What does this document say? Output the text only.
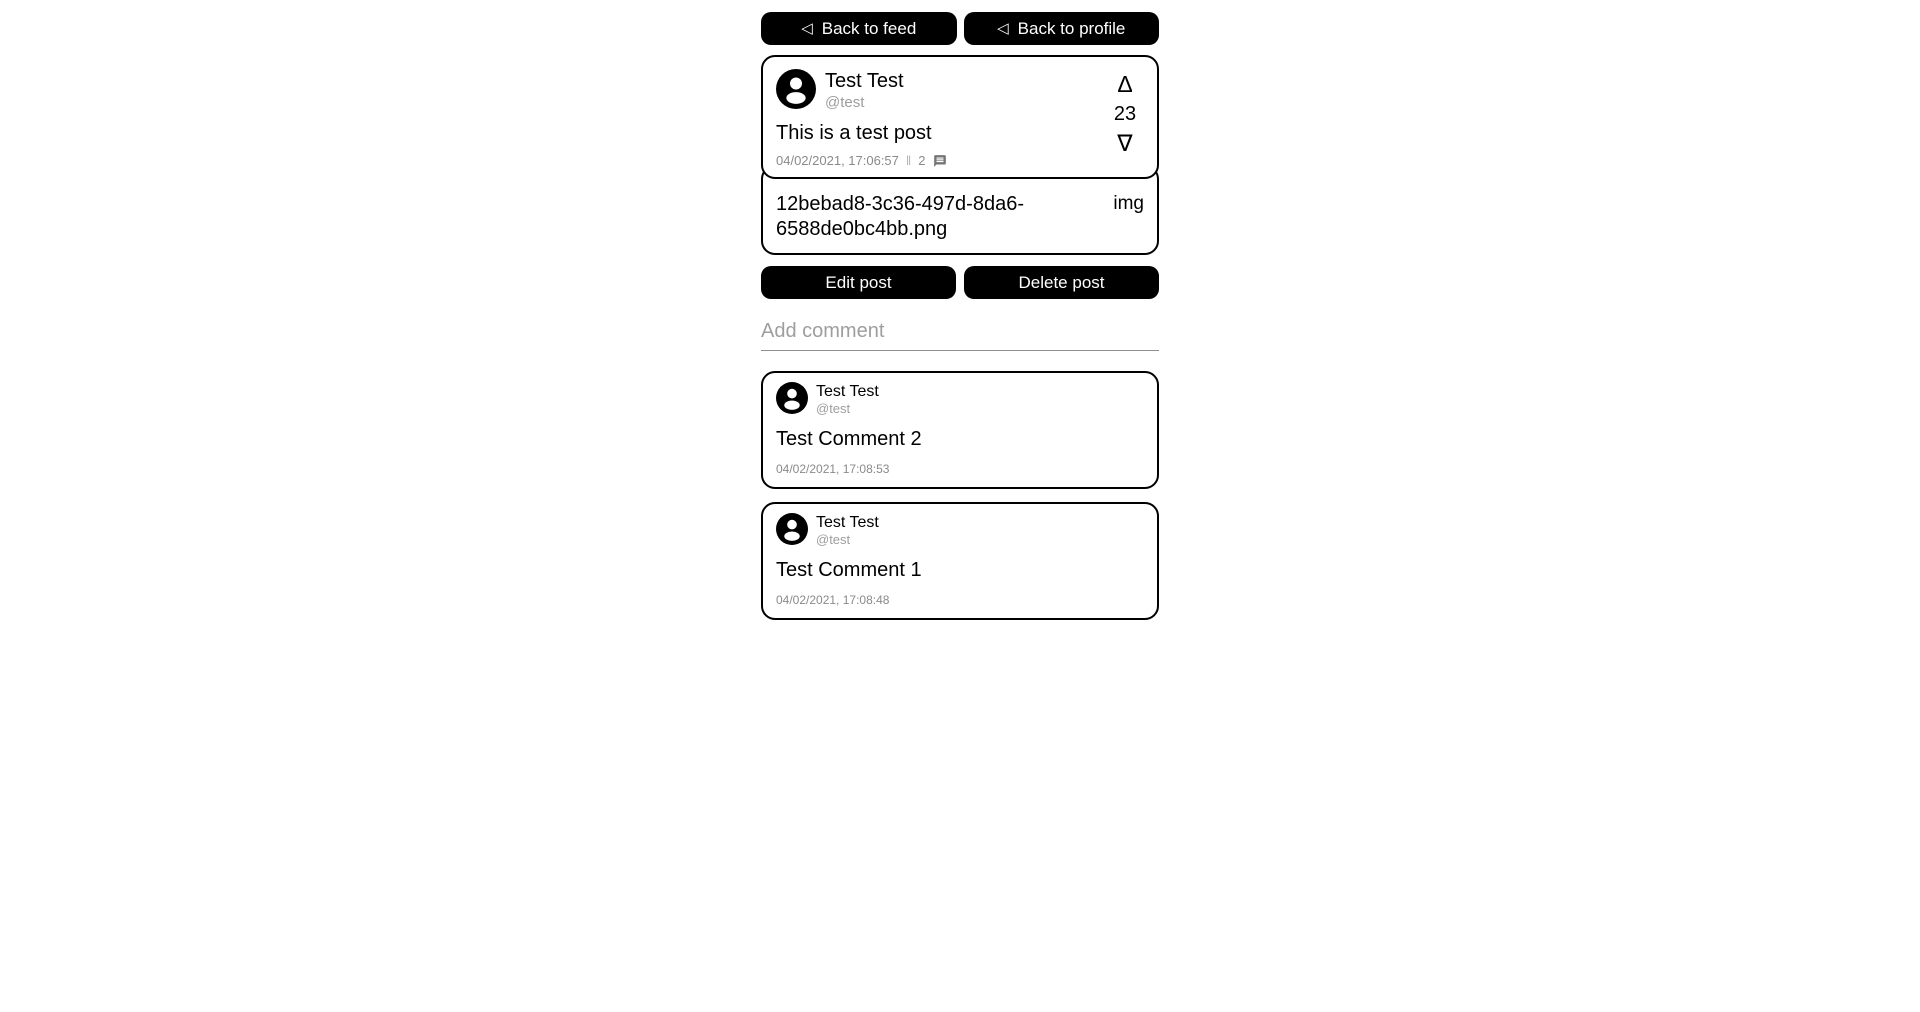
◁ Back to feed	◁ Back to profile
Test Test
@test
This is a test post
04/02/2021, 17:06:57 ‖ 2
Δ
23
∇
12bebad8-3c36-497d-8da6-6588de0bc4bb.png
img
Edit post	Delete post
Add comment
Test Test
@test
Test Comment 2
04/02/2021, 17:08:53
Test Test
@test
Test Comment 1
04/02/2021, 17:08:48
